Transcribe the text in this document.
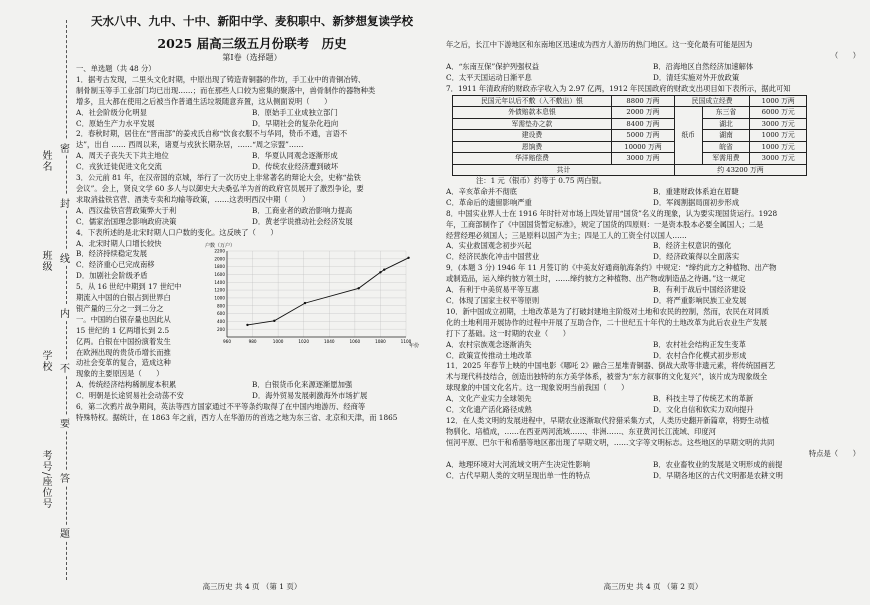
姓名
班级
学校
考号/座位号
密
封
线
内
不
要
答
题
天水八中、九中、十中、新阳中学、麦积职中、新梦想复读学校
2025 届高三级五月份联考　历史
第Ⅰ卷（选择题）

一、单选题（共 48 分）

1．据考古发现，二里头文化时期，中原出现了铸造青铜器的作坊，手工业中的青铜冶铸、

制骨制玉等手工业部门均已出现……；而在那些人口较为密集的聚落中，兽骨制作的器物种类

增多，且大都在使用之后被当作普通生活垃圾随意弃置，这从侧面说明（　　）

A．社会阶级分化明显	B．原始手工业成独立部门
C．原始生产力水平发展	D．早期社会的复杂化趋向

2．春秋时期，居住在“晋南部”的姜戎氏自称“饮食衣服不与华同，贽币不通，言语不

达”，出自 …… 西周以来，诸夏与戎狄长期杂居，……“周之宗盟”……

A．周天子丧失天下共主地位	B．华夏认同观念逐渐形成
C．戎狄迁徙促进文化交流	D．传统农业经济遭到破坏

3．公元前 81 年，在汉帝国的京城，举行了一次历史上非常著名的辩论大会，史称“盐铁

会议”。会上，贤良文学 60 多人与以御史大夫桑弘羊为首的政府官员展开了激烈争论，要

求取消盐铁官营、酒类专卖和均输等政策，……这表明西汉中期（　　）

A．西汉盐铁官营政策弊大于利	B．工商业者的政治影响力提高
C．儒家治国理念影响政府决策	D．黄老学说推动社会经济发展

4．下表所述的是北宋时期人口户数的变化。这反映了（　　）

A．北宋时期人口增长较快

B．经济持续稳定发展

C．经济重心已完成南移

D．加剧社会阶级矛盾

5．从 16 世纪中期到 17 世纪中

期流入中国的白银占到世界白

银产量的三分之一到二分之

一。中国的白银存量也因此从

15 世纪的 1 亿两增长到 2.5

亿两。白银在中国扮演着发生

在欧洲出现的贵货币增长而推

动社会变革的复合，造成这种

现象的主要原因是（　　）

200
400
600
800
1000
1200
1400
1600
1800
2000
2200
960	980	1000	1020	1040	1060	1080	1100
户数（万户）
年份
A．传统经济结构稀制度本积累	B．白银货币化来源逐渐愿加强
C．明朝是长途贸易社会动荡不安	D．海外贸易发展刺激海外市场扩展

6．第二次鸦片战争期间，英法等西方国家通过不平等条约取得了在中国内地游历、经商等

特殊特权。据统计，在 1863 年之前，西方人在华游历的首选之地为东三省、北京和天津，而 1865

高三历史 共 4 页 （第 1 页）

年之后，长江中下游地区和东南地区迅速成为西方人游历的热门地区。这一变化最有可能是因为

（　　）

A．“东南互保”保护列强权益	B．沿海地区自然经济加速解体
C．太平天国运动日渐平息	D．清廷实施对外开放政策

7．1911 年清政府的财政赤字收入为 2.97 亿两，1912 年民国政府的财政支出项目如下表所示，据此可知

民国元年以后不敷（入不敷出）银	8800 万两	民国成立经费		1000 万两
外债赔款本息银	2000 万两	纸币	东三省	6000 万元
军需垫办之款	8400 万两		湖北	3000 万元
建设费	5000 万两		湖南	1000 万元
恩饷费	10000 万两		皖省	1000 万元
华洋赔偿费	3000 万两		军需用费	3000 万元
共计		约 43200 万两		

注：1 元（银币）约等于 0.75 两白银。

A．辛亥革命并不彻底	B．重建财政体系迫在眉睫
C．革命后的遗留影响严重	D．军阀割据局面初步形成

8．中国实业界人士在 1916 年时针对市场上四处冒用“国货”名义的现象，认为要实现国货运行。1928

年，工商部制作了《中国国货暂定标准》，规定了国货的四原则：一是资本股本必要全属国人；二是

经营经理必须国人；三是原料以国产为主；四是工人的工资全付以国人……

A．实业救国观念初步兴起	B．经济主权意识的强化
C．经济民族化冲击中国营业	D．经济政策得以全面落实

9．(本题 3 分) 1946 年 11 月签订的《中美友好通商航海条约》中规定：“缔约此方之种植物、出产物

或制造品，运入缔约彼方领土时，……缔约彼方之种植物、出产物或制造品之待遇。”这一规定

A．有利于中美贸易平等互惠	B．有利于战后中国经济建设
C．体现了国家主权平等原则	D．将严重影响民族工业发展

10．新中国成立初期，土地改革是为了打破封建地主阶级对土地和农民的控制，然而，农民在对同质

化的土地利用开展协作的过程中开展了互助合作，二十世纪五十年代的土地改革为此后农业生产发展

打下了基础。这一时期的农业（　　）

A．农村宗族观念逐渐消失	B．农村社会结构正发生变革
C．政策宣传推动土地改革	D．农村合作化模式初步形成

11．2025 年春节上映的中国电影《哪吒 2》融合三星堆青铜器、倒战大敌等非遗元素，将传统国画艺

术与现代科技结合，创造出独特的东方美学体系，被誉为“东方叙事的文化复兴”，该片成为现象级全

球现象的中国文化名片。这一现象说明当前我国（　　）

A．文化产业实力全球领先	B．科技主导了传统艺术的革新
C．文化遗产活化路径成熟	D．文化自信和软实力双向提升

12．在人类文明的发展进程中，早期农业逐渐取代狩猎采集方式，人类历史翻开新篇章，将野生动植

物驯化、培植成，……在西亚两河流域……、非洲……、东亚黄河长江流域、印度河

恒河平原、巴尔干和希腊等地区都出现了早期文明，……文字等文明标志。这些地区的早期文明的共同

特点是（　　）

A．地理环境对大河流域文明产生决定性影响	B．农业畜牧业的发展是文明形成的前提
C．古代早期人类的文明呈现出单一性的特点	D．早期各地区的古代文明都是农耕文明
高三历史 共 4 页 （第 2 页）
